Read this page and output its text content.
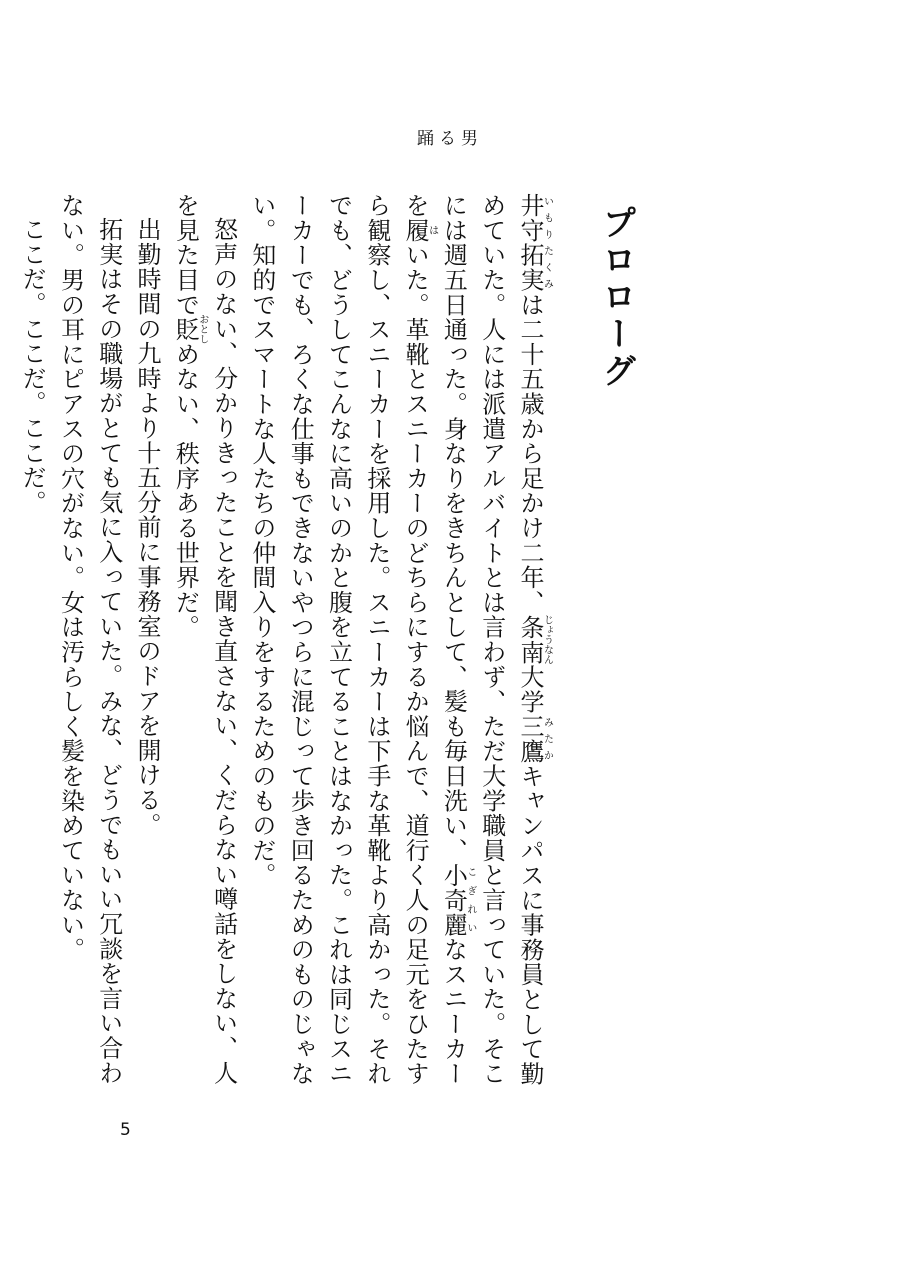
踊る男
プロローグ

井守拓実いもりたくみは二十五歳から足かけ二年、条南じょうなん大学三鷹みたかキャンパスに事務員として勤めていた。人には派遣アルバイトとは言わず、ただ大学職員と言っていた。そこには週五日通った。身なりをきちんとして、髪も毎日洗い、小奇麗こぎれいなスニーカーを履はいた。革靴とスニーカーのどちらにするか悩んで、道行く人の足元をひたすら観察し、スニーカーを採用した。スニーカーは下手な革靴より高かった。それでも、どうしてこんなに高いのかと腹を立てることはなかった。これは同じスニーカーでも、ろくな仕事もできないやつらに混じって歩き回るためのものじゃない。知的でスマートな人たちの仲間入りをするためのものだ。

怒声のない、分かりきったことを聞き直さない、くだらない噂話をしない、人を見た目で貶おとしめない、秩序ある世界だ。

出勤時間の九時より十五分前に事務室のドアを開ける。

拓実はその職場がとても気に入っていた。みな、どうでもいい冗談を言い合わない。男の耳にピアスの穴がない。女は汚らしく髪を染めていない。

ここだ。ここだ。ここだ。

5
